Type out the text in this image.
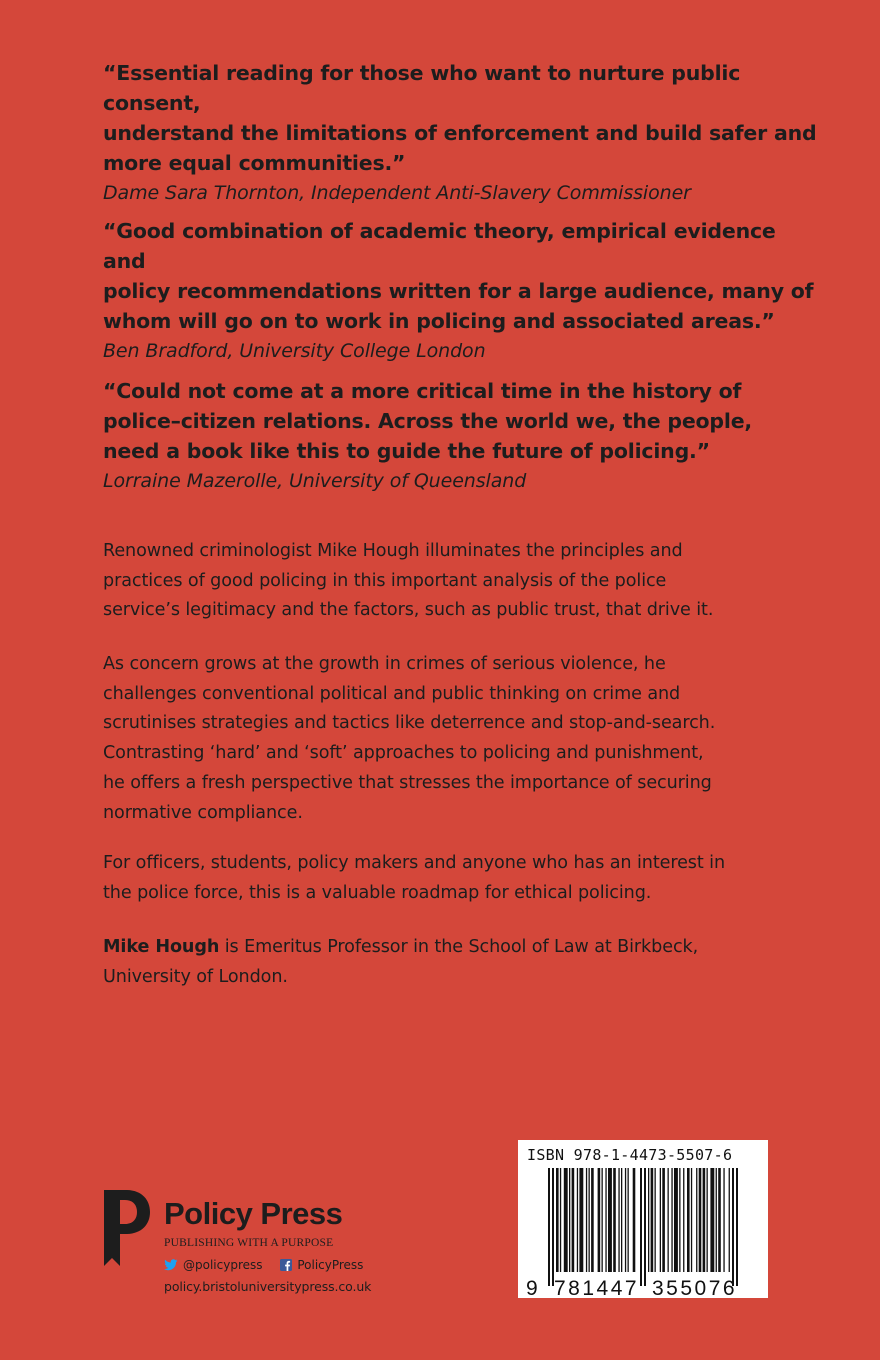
“Essential reading for those who want to nurture public consent,
understand the limitations of enforcement and build safer and
more equal communities.”

Dame Sara Thornton, Independent Anti-Slavery Commissioner

“Good combination of academic theory, empirical evidence and
policy recommendations written for a large audience, many of
whom will go on to work in policing and associated areas.”

Ben Bradford, University College London

“Could not come at a more critical time in the history of
police–citizen relations. Across the world we, the people,
need a book like this to guide the future of policing.”

Lorraine Mazerolle, University of Queensland

Renowned criminologist Mike Hough illuminates the principles and
practices of good policing in this important analysis of the police
service’s legitimacy and the factors, such as public trust, that drive it.

As concern grows at the growth in crimes of serious violence, he
challenges conventional political and public thinking on crime and
scrutinises strategies and tactics like deterrence and stop-and-search.
Contrasting ‘hard’ and ‘soft’ approaches to policing and punishment,
he offers a fresh perspective that stresses the importance of securing
normative compliance.

For officers, students, policy makers and anyone who has an interest in
the police force, this is a valuable roadmap for ethical policing.

Mike Hough is Emeritus Professor in the School of Law at Birkbeck,
University of London.

Policy Press

PUBLISHING WITH A PURPOSE

@policypress
	PolicyPress

policy.bristoluniversitypress.co.uk

ISBN 978-1-4473-5507-6

9 781447 355076
